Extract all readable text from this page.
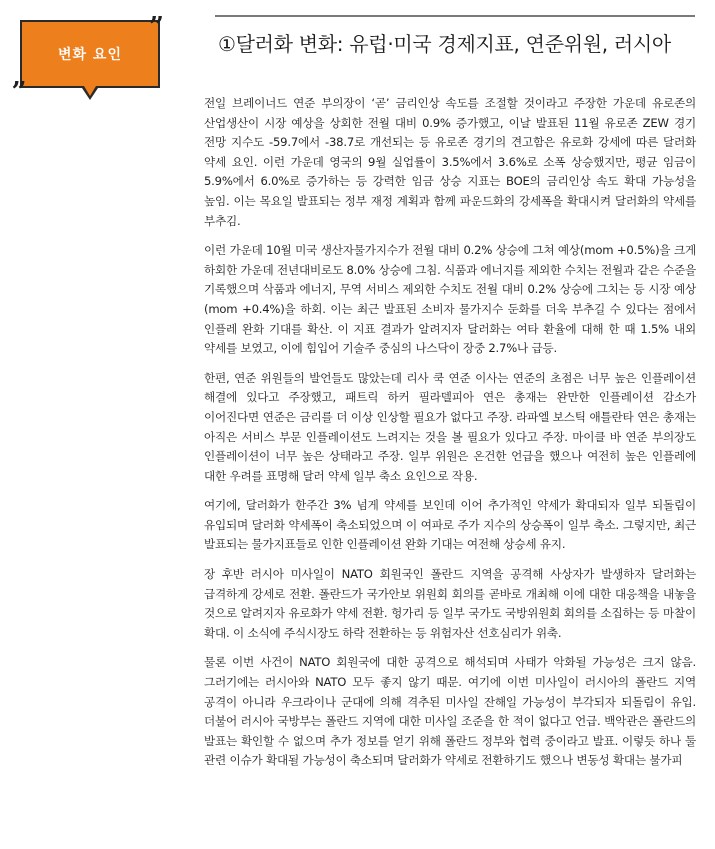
변화 요인
”
„
①달러화 변화: 유럽·미국 경제지표, 연준위원, 러시아

전일 브레이너드 연준 부의장이 ‘곧’ 금리인상 속도를 조절할 것이라고 주장한 가운데 유로존의 산업생산이 시장 예상을 상회한 전월 대비 0.9% 증가했고, 이날 발표된 11월 유로존 ZEW 경기 전망 지수도 -59.7에서 -38.7로 개선되는 등 유로존 경기의 견고함은 유로화 강세에 따른 달러화 약세 요인. 이런 가운데 영국의 9월 실업률이 3.5%에서 3.6%로 소폭 상승했지만, 평균 임금이 5.9%에서 6.0%로 증가하는 등 강력한 임금 상승 지표는 BOE의 금리인상 속도 확대 가능성을 높임. 이는 목요일 발표되는 정부 재정 계획과 함께 파운드화의 강세폭을 확대시켜 달러화의 약세를 부추김.

이런 가운데 10월 미국 생산자물가지수가 전월 대비 0.2% 상승에 그쳐 예상(mom +0.5%)을 크게 하회한 가운데 전년대비로도 8.0% 상승에 그침. 식품과 에너지를 제외한 수치는 전월과 같은 수준을 기록했으며 삭품과 에너지, 무역 서비스 제외한 수치도 전월 대비 0.2% 상승에 그치는 등 시장 예상(mom +0.4%)을 하회. 이는 최근 발표된 소비자 물가지수 둔화를 더욱 부추길 수 있다는 점에서 인플레 완화 기대를 확산. 이 지표 결과가 알려지자 달러화는 여타 환율에 대해 한 때 1.5% 내외 약세를 보였고, 이에 힘입어 기술주 중심의 나스닥이 장중 2.7%나 급등.

한편, 연준 위원들의 발언들도 많았는데 리사 쿡 연준 이사는 연준의 초점은 너무 높은 인플레이션 해결에 있다고 주장했고, 패트릭 하커 필라델피아 연은 총재는 완만한 인플레이션 감소가 이어진다면 연준은 금리를 더 이상 인상할 필요가 없다고 주장. 라파엘 보스틱 애틀란타 연은 총재는 아직은 서비스 부문 인플레이션도 느려지는 것을 볼 필요가 있다고 주장. 마이클 바 연준 부의장도 인플레이션이 너무 높은 상태라고 주장. 일부 위원은 온건한 언급을 했으나 여전히 높은 인플레에 대한 우려를 표명해 달러 약세 일부 축소 요인으로 작용.

여기에, 달러화가 한주간 3% 넘게 약세를 보인데 이어 추가적인 약세가 확대되자 일부 되돌림이 유입되며 달러화 약세폭이 축소되었으며 이 여파로 주가 지수의 상승폭이 일부 축소. 그렇지만, 최근 발표되는 물가지표들로 인한 인플레이션 완화 기대는 여전해 상승세 유지.

장 후반 러시아 미사일이 NATO 회원국인 폴란드 지역을 공격해 사상자가 발생하자 달러화는 급격하게 강세로 전환. 폴란드가 국가안보 위원회 회의를 곧바로 개최해 이에 대한 대응책을 내놓을 것으로 알려지자 유로화가 약세 전환. 헝가리 등 일부 국가도 국방위원회 회의를 소집하는 등 마찰이 확대. 이 소식에 주식시장도 하락 전환하는 등 위험자산 선호심리가 위축.

물론 이번 사건이 NATO 회원국에 대한 공격으로 해석되며 사태가 악화될 가능성은 크지 않음. 그러기에는 러시아와 NATO 모두 좋지 않기 때문. 여기에 이번 미사일이 러시아의 폴란드 지역 공격이 아니라 우크라이나 군대에 의해 격추된 미사일 잔해일 가능성이 부각되자 되돌림이 유입. 더불어 러시아 국방부는 폴란드 지역에 대한 미사일 조준을 한 적이 없다고 언급. 백악관은 폴란드의 발표는 확인할 수 없으며 추가 정보를 얻기 위해 폴란드 정부와 협력 중이라고 발표. 이렇듯 하나 둘 관련 이슈가 확대될 가능성이 축소되며 달러화가 약세로 전환하기도 했으나 변동성 확대는 불가피
